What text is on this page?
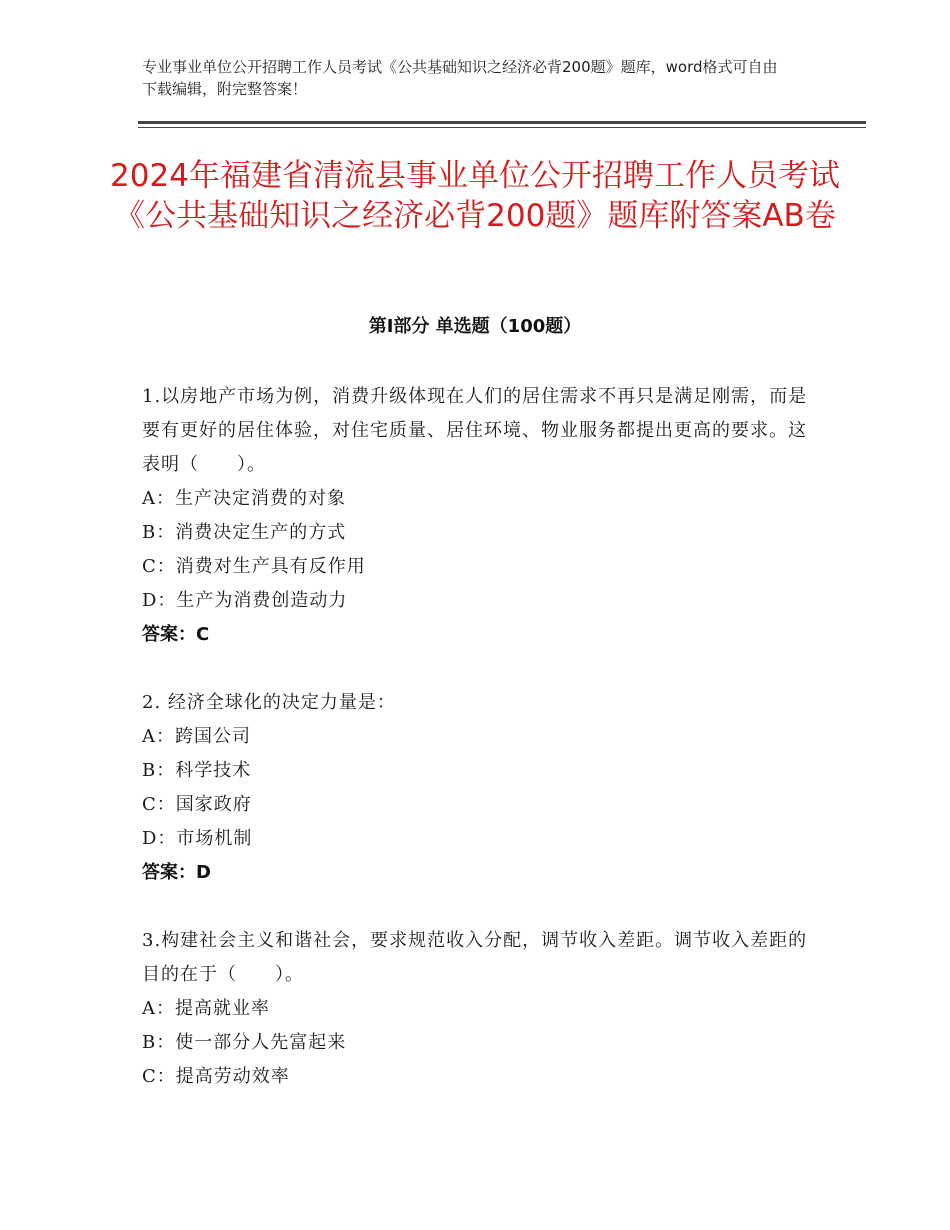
专业事业单位公开招聘工作人员考试《公共基础知识之经济必背200题》题库，word格式可自由下载编辑，附完整答案！
2024年福建省清流县事业单位公开招聘工作人员考试《公共基础知识之经济必背200题》题库附答案AB卷
第Ⅰ部分 单选题（100题）
1.以房地产市场为例，消费升级体现在人们的居住需求不再只是满足刚需，而是要有更好的居住体验，对住宅质量、居住环境、物业服务都提出更高的要求。这表明（　　）。
A：生产决定消费的对象
B：消费决定生产的方式
C：消费对生产具有反作用
D：生产为消费创造动力
答案：C
2. 经济全球化的决定力量是：
A：跨国公司
B：科学技术
C：国家政府
D：市场机制
答案：D
3.构建社会主义和谐社会，要求规范收入分配，调节收入差距。调节收入差距的目的在于（　　）。
A：提高就业率
B：使一部分人先富起来
C：提高劳动效率
